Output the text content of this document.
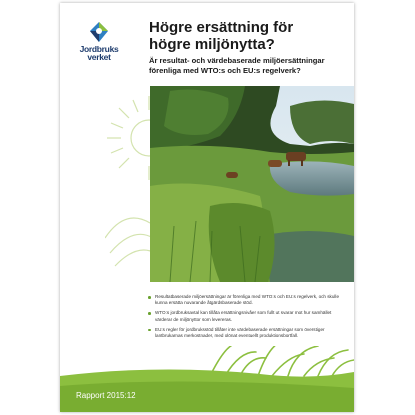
Jordbruks
verket
Högre ersättning för
högre miljönytta?

Är resultat- och värdebaserade miljöersättningar
förenliga med WTO:s och EU:s regelverk?

Resultatbaserade miljöersättningar är förenliga med WTO:s och EU:s regelverk, och skulle kunna ersätta nuvarande åtgärdsbaserade stöd.
WTO:s jordbruksavtal kan tillåta ersättningsnivåer som fullt ut svarar mot hur samhället värderar de miljönyttor som levereras.
EU:s regler för jordbruksstöd tillåter inte värdebaserade ersättningar som överstiger lantbrukarnas merkostnader, med olönat eventuellt produktionsbortfall.
Rapport 2015:12
